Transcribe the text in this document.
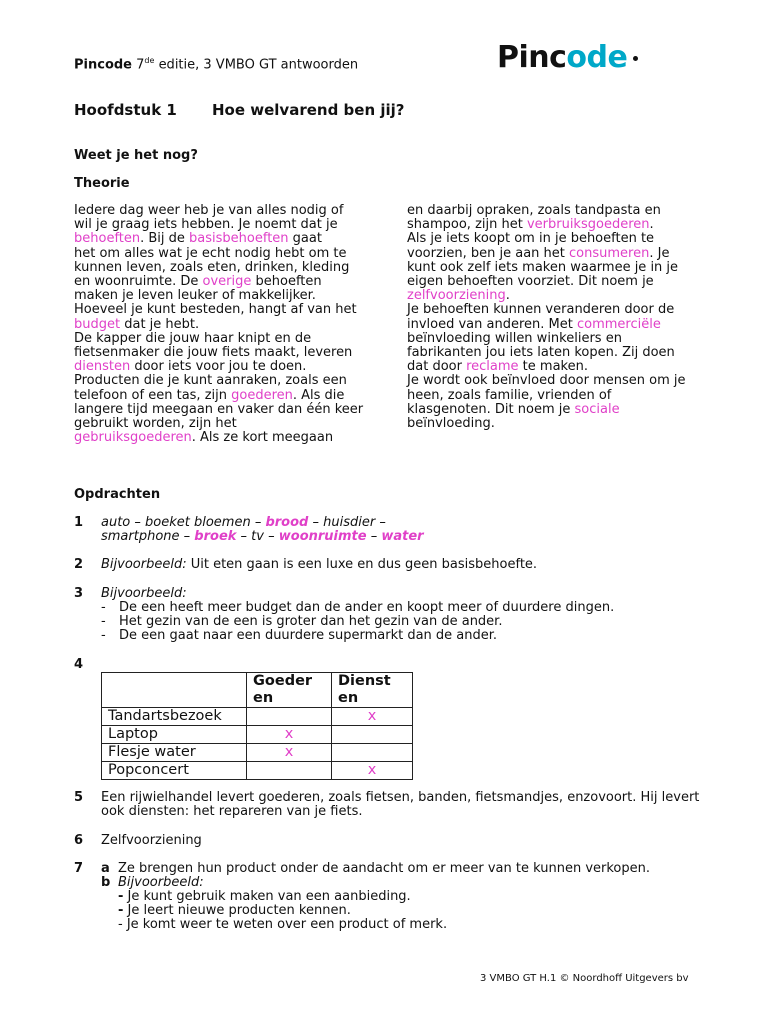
Pincode 7de editie, 3 VMBO GT antwoorden	Pincode
Hoofdstuk 1 Hoe welvarend ben jij?
Weet je het nog?
Theorie

Iedere dag weer heb je van alles nodig of

wil je graag iets hebben. Je noemt dat je

behoeften. Bij de basisbehoeften gaat

het om alles wat je echt nodig hebt om te

kunnen leven, zoals eten, drinken, kleding

en woonruimte. De overige behoeften

maken je leven leuker of makkelijker.

Hoeveel je kunt besteden, hangt af van het

budget dat je hebt.

De kapper die jouw haar knipt en de

fietsenmaker die jouw fiets maakt, leveren

diensten door iets voor jou te doen.

Producten die je kunt aanraken, zoals een

telefoon of een tas, zijn goederen. Als die

langere tijd meegaan en vaker dan één keer

gebruikt worden, zijn het

gebruiksgoederen. Als ze kort meegaan

en daarbij opraken, zoals tandpasta en

shampoo, zijn het verbruiksgoederen.

Als je iets koopt om in je behoeften te

voorzien, ben je aan het consumeren. Je

kunt ook zelf iets maken waarmee je in je

eigen behoeften voorziet. Dit noem je

zelfvoorziening.

Je behoeften kunnen veranderen door de

invloed van anderen. Met commerciële

beïnvloeding willen winkeliers en

fabrikanten jou iets laten kopen. Zij doen

dat door reclame te maken.

Je wordt ook beïnvloed door mensen om je

heen, zoals familie, vrienden of

klasgenoten. Dit noem je sociale

beïnvloeding.

Opdrachten
1	auto – boeket bloemen – brood – huisdier –
smartphone – broek – tv – woonruimte – water
2	Bijvoorbeeld: Uit eten gaan is een luxe en dus geen basisbehoefte.
3	Bijvoorbeeld:
- De een heeft meer budget dan de ander en koopt meer of duurdere dingen.
- Het gezin van de een is groter dan het gezin van de ander.
- De een gaat naar een duurdere supermarkt dan de ander.
4
	Goeder
en	Dienst
en
Tandartsbezoek		x
Laptop	x	
Flesje water	x	
Popconcert		x
5	Een rijwielhandel levert goederen, zoals fietsen, banden, fietsmandjes, enzovoort. Hij levert
ook diensten: het repareren van je fiets.
6	Zelfvoorziening
7	a Ze brengen hun product onder de aandacht om er meer van te kunnen verkopen.
b Bijvoorbeeld:
- Je kunt gebruik maken van een aanbieding.
- Je leert nieuwe producten kennen.
- Je komt weer te weten over een product of merk.
3 VMBO GT H.1 © Noordhoff Uitgevers bv
